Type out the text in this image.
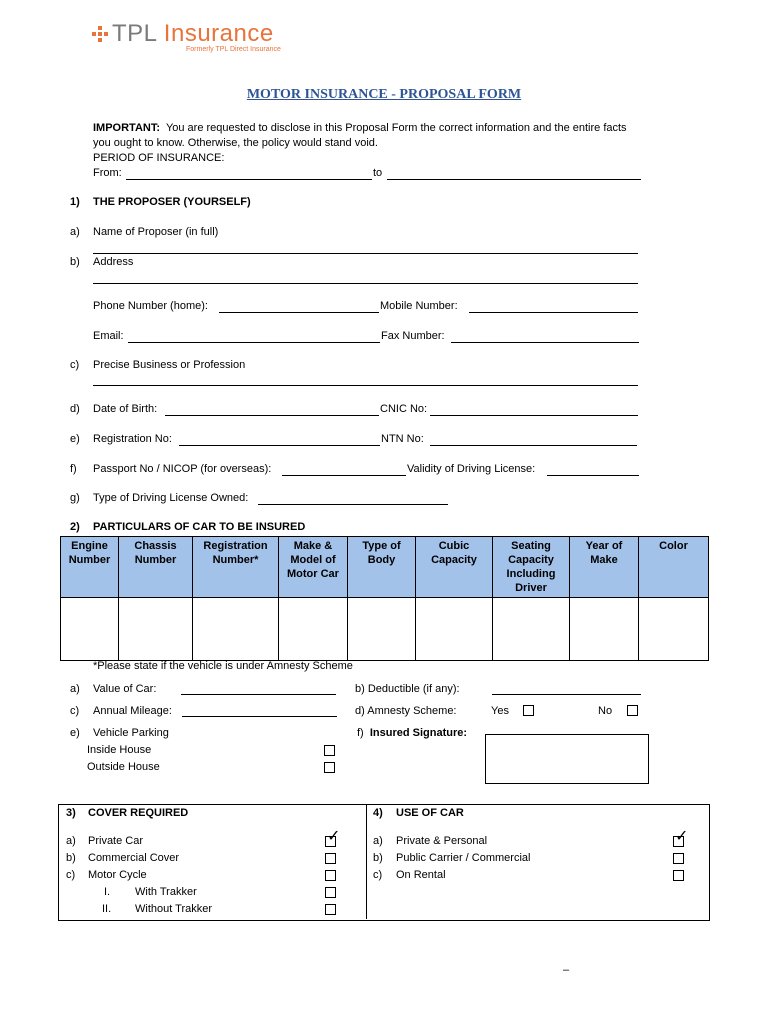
TPL Insurance
Formerly TPL Direct Insurance
MOTOR INSURANCE - PROPOSAL FORM
IMPORTANT: You are requested to disclose in this Proposal Form the correct information and the entire facts
you ought to know. Otherwise, the policy would stand void.
PERIOD OF INSURANCE:
From:	to
1) THE PROPOSER (YOURSELF)
a) Name of Proposer (in full)
b) Address
Phone Number (home):	Mobile Number:
Email:	Fax Number:
c) Precise Business or Profession
d) Date of Birth:	CNIC No:
e) Registration No:	NTN No:
f) Passport No / NICOP (for overseas):	Validity of Driving License:
g) Type of Driving License Owned:
2) PARTICULARS OF CAR TO BE INSURED
Engine Number	Chassis Number	Registration Number*	Make & Model of Motor Car	Type of Body	Cubic Capacity	Seating Capacity Including Driver	Year of Make	Color

*Please state if the vehicle is under Amnesty Scheme
a) Value of Car:	b) Deductible (if any):
c) Annual Mileage:	d) Amnesty Scheme:	Yes	No
e) Vehicle Parking	f) Insured Signature:
Inside House
Outside House
3) COVER REQUIRED	4) USE OF CAR
a) Private Car	✓
b) Commercial Cover
c) Motor Cycle
I. With Trakker
II. Without Trakker
a) Private & Personal	✓
b) Public Carrier / Commercial
c) On Rental
–
